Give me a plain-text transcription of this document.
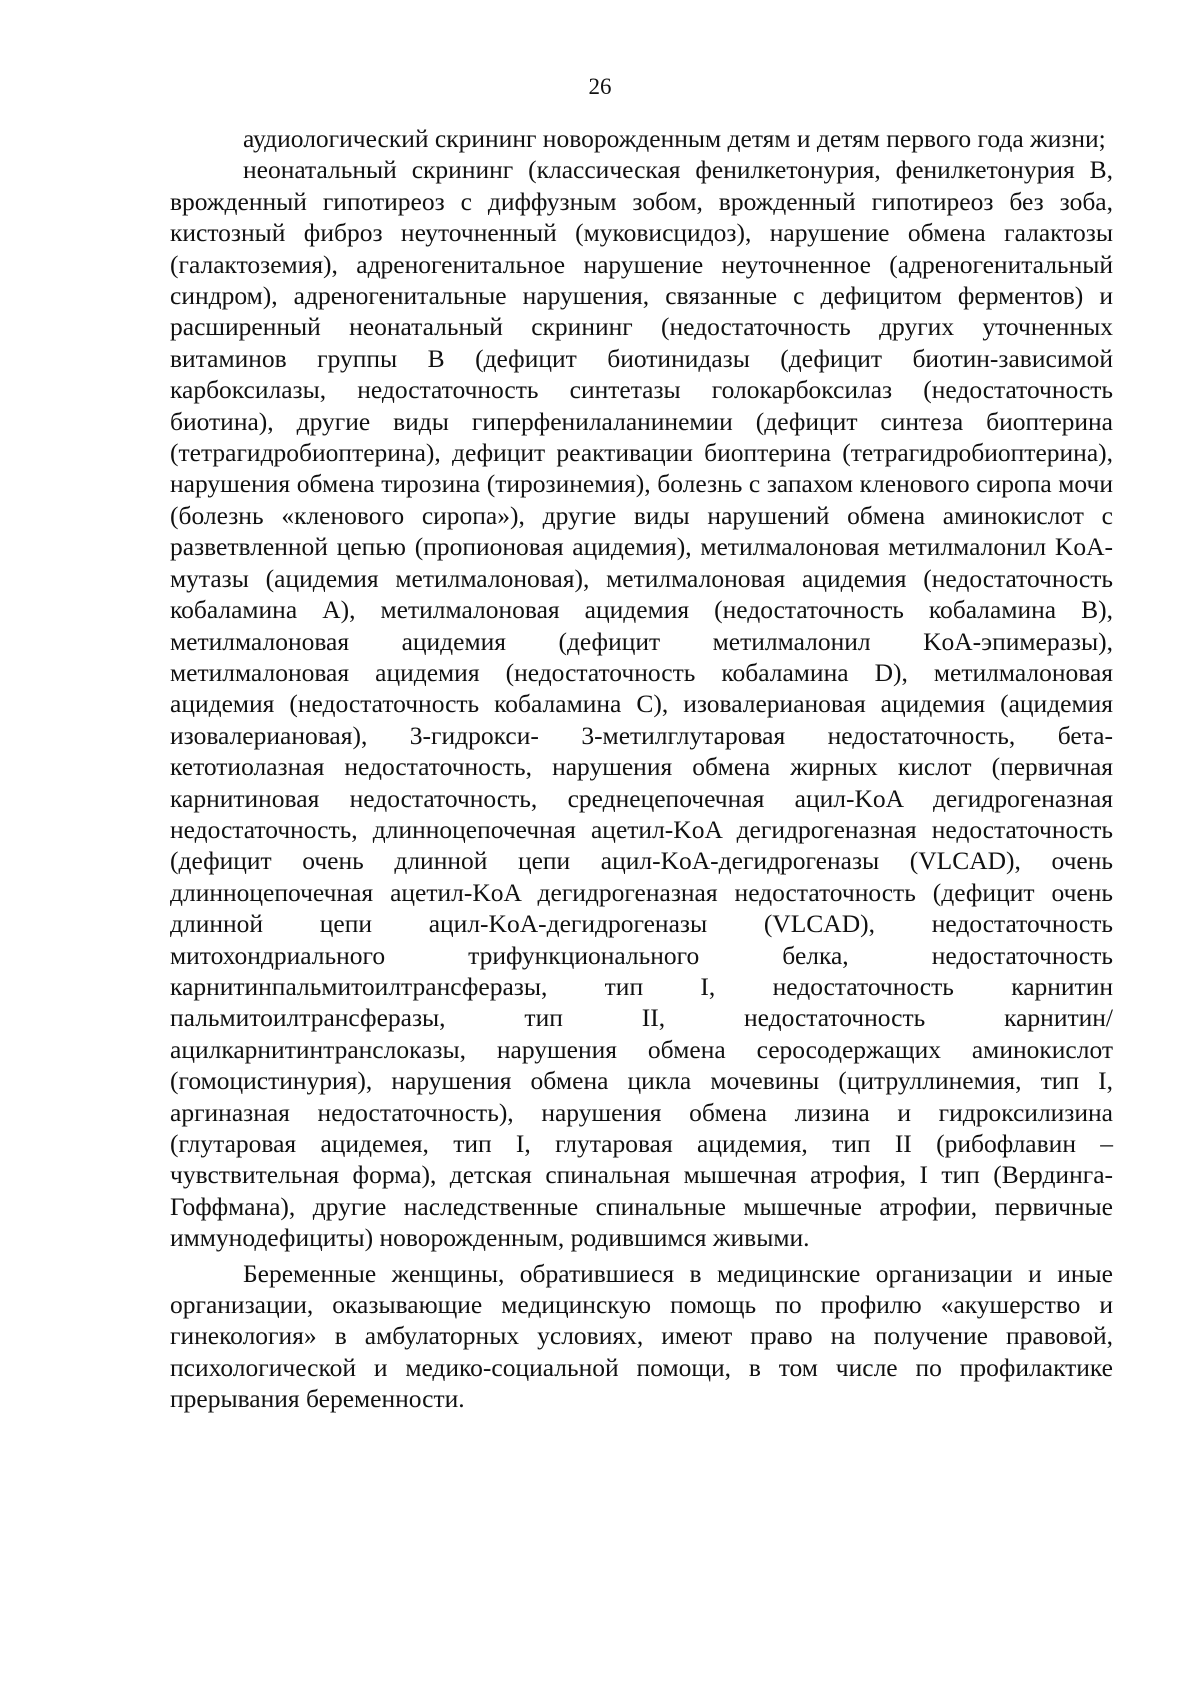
26

аудиологический скрининг новорожденным детям и детям первого года жизни;

неонатальный скрининг (классическая фенилкетонурия, фенилкетонурия B, врожденный гипотиреоз с диффузным зобом, врожденный гипотиреоз без зоба, кистозный фиброз неуточненный (муковисцидоз), нарушение обмена галактозы (галактоземия), адреногенитальное нарушение неуточненное (адреногенитальный синдром), адреногенитальные нарушения, связанные с дефицитом ферментов) и расширенный неонатальный скрининг (недостаточность других уточненных витаминов группы B (дефицит биотинидазы (дефицит биотин-зависимой карбоксилазы, недостаточность синтетазы голокарбоксилаз (недостаточность биотина), другие виды гиперфенилаланинемии (дефицит синтеза биоптерина (тетрагидробиоптерина), дефицит реактивации биоптерина (тетрагидробиоптерина), нарушения обмена тирозина (тирозинемия), болезнь с запахом кленового сиропа мочи (болезнь «кленового сиропа»), другие виды нарушений обмена аминокислот с разветвленной цепью (пропионовая ацидемия), метилмалоновая метилмалонил KoA-мутазы (ацидемия метилмалоновая), метилмалоновая ацидемия (недостаточность кобаламина A), метилмалоновая ацидемия (недостаточность кобаламина B), метилмалоновая ацидемия (дефицит метилмалонил KoA-эпимеразы), метилмалоновая ацидемия (недостаточность кобаламина D), метилмалоновая ацидемия (недостаточность кобаламина C), изовалериановая ацидемия (ацидемия изовалериановая), 3-гидрокси- 3-метилглутаровая недостаточность, бета-кетотиолазная недостаточность, нарушения обмена жирных кислот (первичная карнитиновая недостаточность, среднецепочечная ацил-KoA дегидрогеназная недостаточность, длинноцепочечная ацетил-KoA дегидрогеназная недостаточность (дефицит очень длинной цепи ацил-KoA-дегидрогеназы (VLCAD), очень длинноцепочечная ацетил-KoA дегидрогеназная недостаточность (дефицит очень длинной цепи ацил-KoA-дегидрогеназы (VLCAD), недостаточность митохондриального трифункционального белка, недостаточность карнитинпальмитоилтрансферазы, тип I, недостаточность карнитин пальмитоилтрансферазы, тип II, недостаточность карнитин/ацилкарнитинтранслоказы, нарушения обмена серосодержащих аминокислот (гомоцистинурия), нарушения обмена цикла мочевины (цитруллинемия, тип I, аргиназная недостаточность), нарушения обмена лизина и гидроксилизина (глутаровая ацидемея, тип I, глутаровая ацидемия, тип II (рибофлавин – чувствительная форма), детская спинальная мышечная атрофия, I тип (Вердинга-Гоффмана), другие наследственные спинальные мышечные атрофии, первичные иммунодефициты) новорожденным, родившимся живыми.

Беременные женщины, обратившиеся в медицинские организации и иные организации, оказывающие медицинскую помощь по профилю «акушерство и гинекология» в амбулаторных условиях, имеют право на получение правовой, психологической и медико-социальной помощи, в том числе по профилактике прерывания беременности.
